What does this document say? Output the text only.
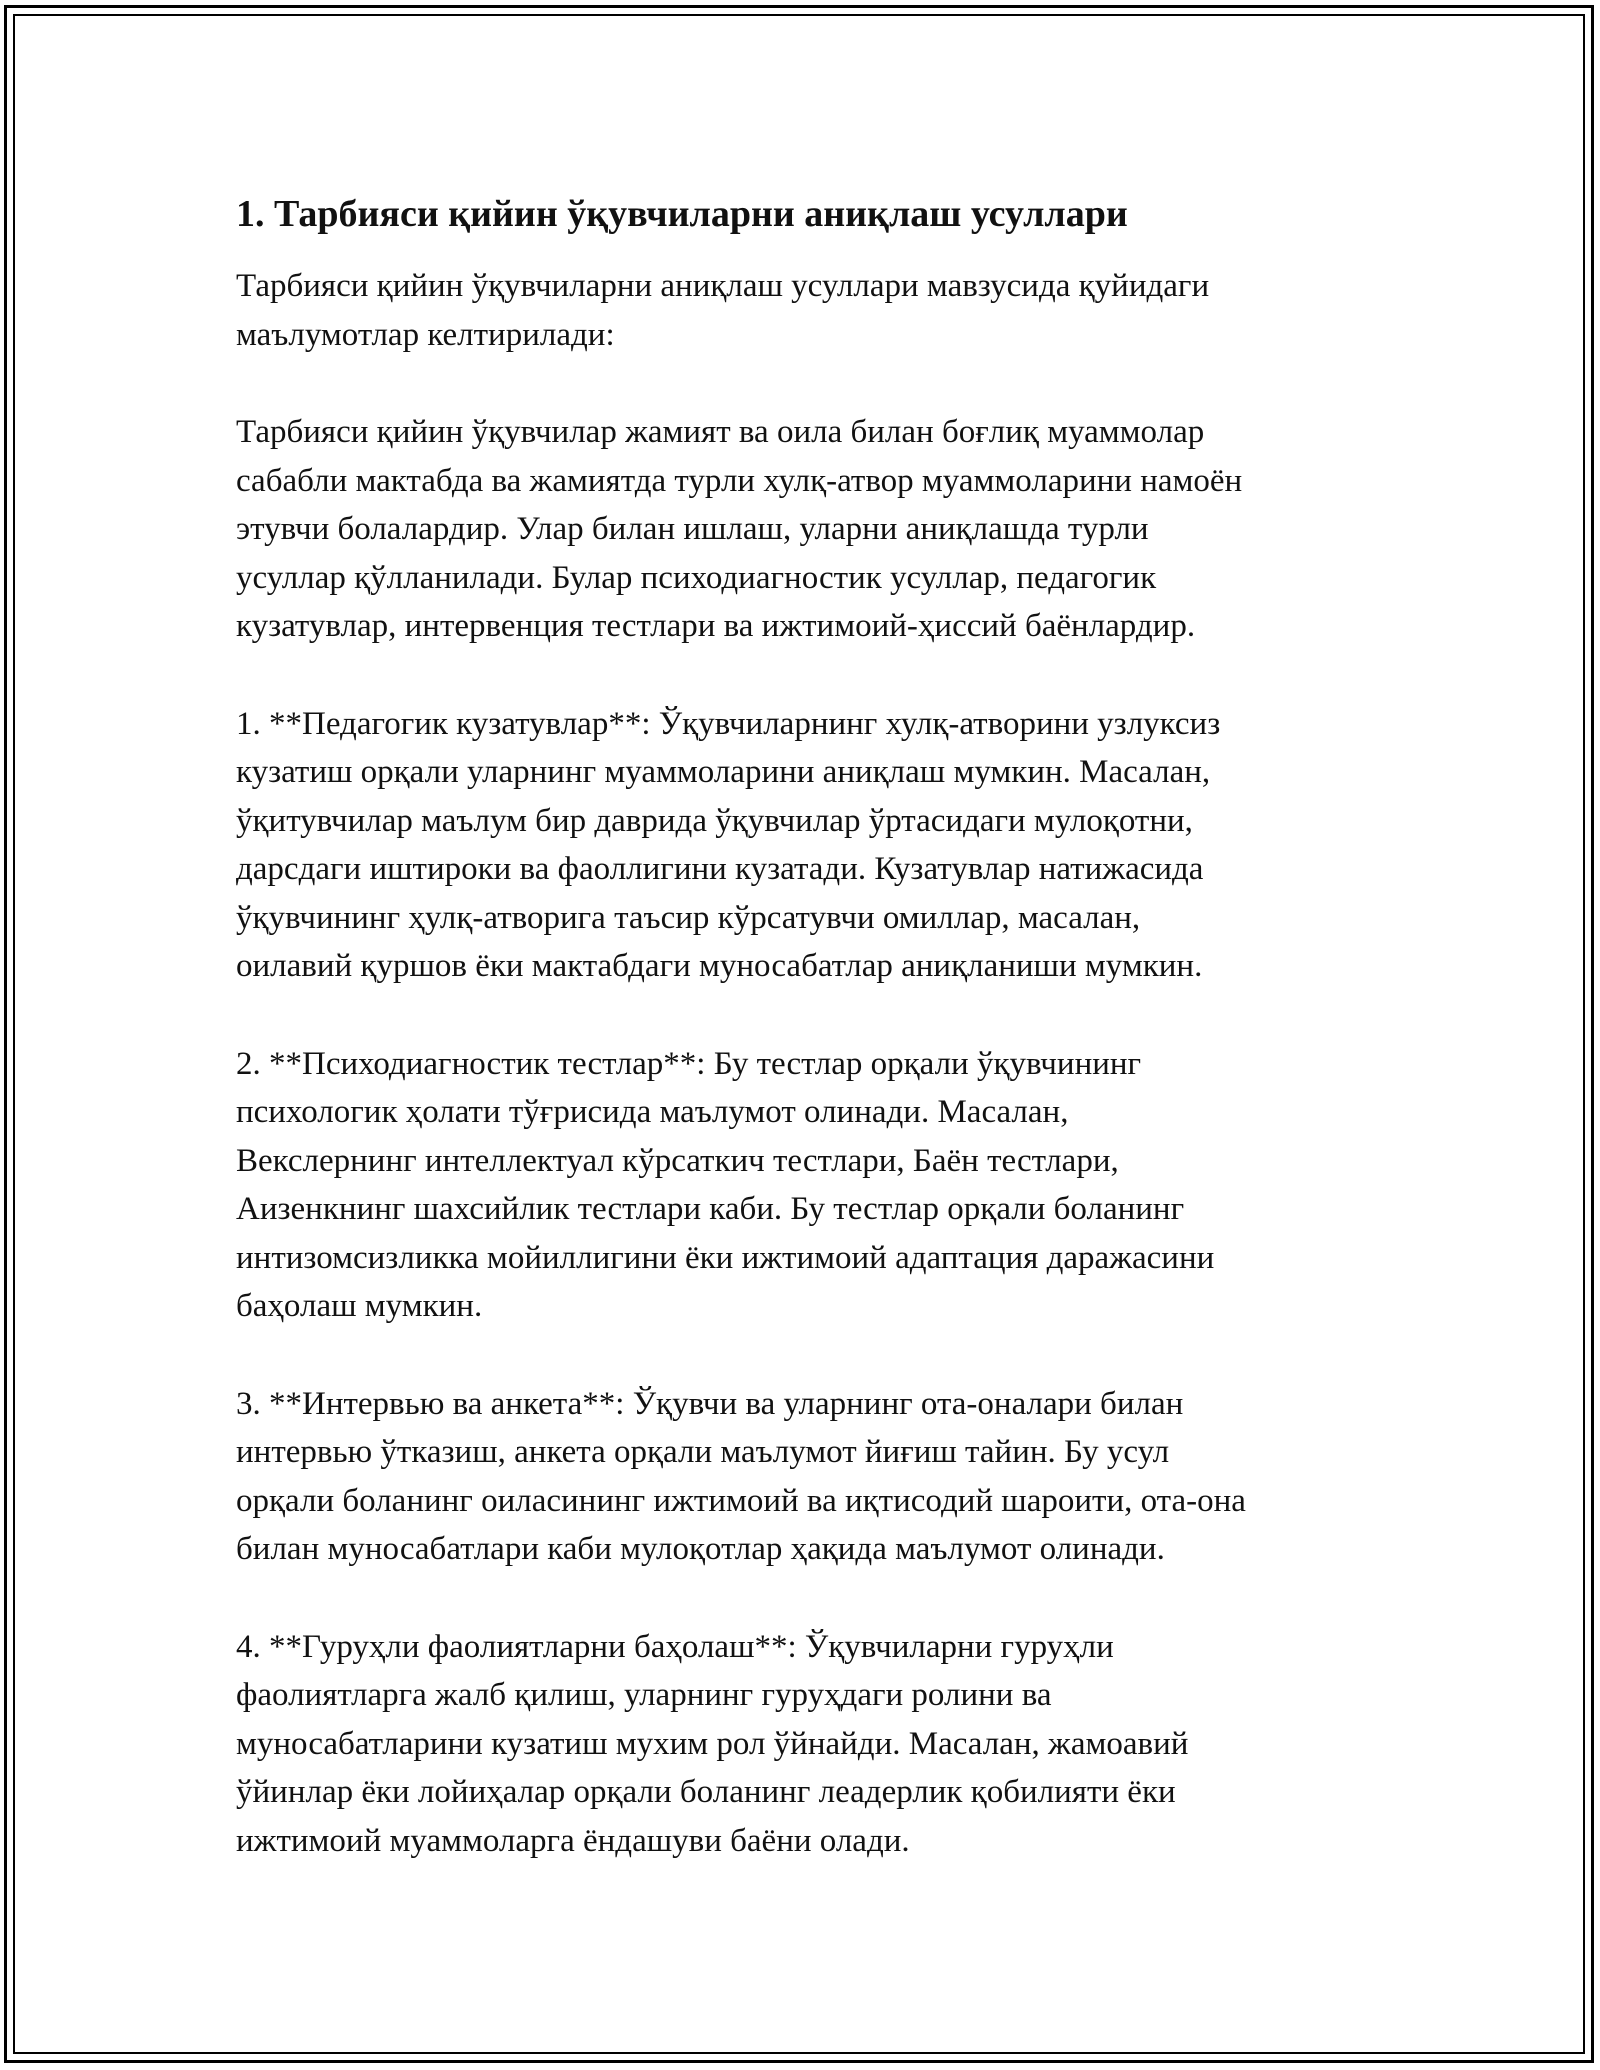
1. Тарбияси қийин ўқувчиларни аниқлаш усуллари

Тарбияси қийин ўқувчиларни аниқлаш усуллари мавзусида қуйидаги
маълумотлар келтирилади:

Тарбияси қийин ўқувчилар жамият ва оила билан боғлиқ муаммолар
сабабли мактабда ва жамиятда турли хулқ-атвор муаммоларини намоён
этувчи болалардир. Улар билан ишлаш, уларни аниқлашда турли
усуллар қўлланилади. Булар психодиагностик усуллар, педагогик
кузатувлар, интервенция тестлари ва ижтимоий-ҳиссий баёнлардир.

1. **Педагогик кузатувлар**: Ўқувчиларнинг хулқ-атворини узлуксиз
кузатиш орқали уларнинг муаммоларини аниқлаш мумкин. Масалан,
ўқитувчилар маълум бир даврида ўқувчилар ўртасидаги мулоқотни,
дарсдаги иштироки ва фаоллигини кузатади. Кузатувлар натижасида
ўқувчининг ҳулқ-атворига таъсир кўрсатувчи омиллар, масалан,
оилавий қуршов ёки мактабдаги муносабатлар аниқланиши мумкин.

2. **Психодиагностик тестлар**: Бу тестлар орқали ўқувчининг
психологик ҳолати тўғрисида маълумот олинади. Масалан,
Векслернинг интеллектуал кўрсаткич тестлари, Баён тестлари,
Аизенкнинг шахсийлик тестлари каби. Бу тестлар орқали боланинг
интизомсизликка мойиллигини ёки ижтимоий адаптация даражасини
баҳолаш мумкин.

3. **Интервью ва анкета**: Ўқувчи ва уларнинг ота-оналари билан
интервью ўтказиш, анкета орқали маълумот йиғиш тайин. Бу усул
орқали боланинг оиласининг ижтимоий ва иқтисодий шароити, ота-она
билан муносабатлари каби мулоқотлар ҳақида маълумот олинади.

4. **Гуруҳли фаолиятларни баҳолаш**: Ўқувчиларни гуруҳли
фаолиятларга жалб қилиш, уларнинг гуруҳдаги ролини ва
муносабатларини кузатиш мухим рол ўйнайди. Масалан, жамоавий
ўйинлар ёки лойиҳалар орқали боланинг леадерлик қобилияти ёки
ижтимоий муаммоларга ёндашуви баёни олади.
